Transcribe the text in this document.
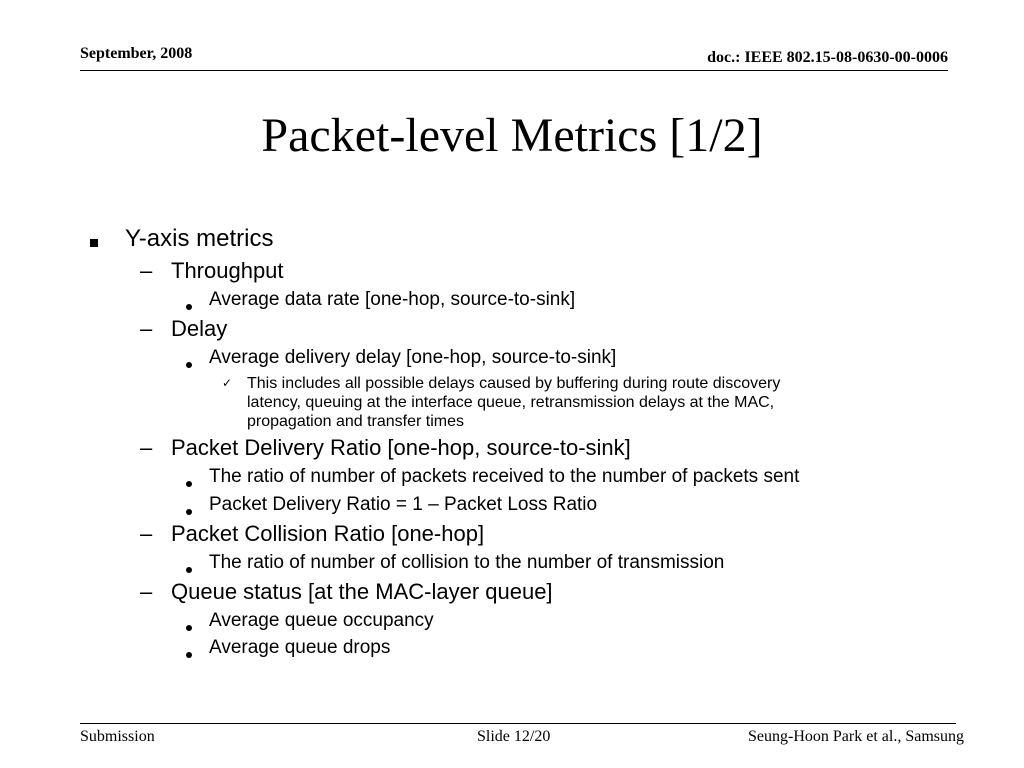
September, 2008	doc.: IEEE 802.15-08-0630-00-0006
Packet-level Metrics [1/2]
Y-axis metrics
– Throughput
Average data rate [one-hop, source-to-sink]
– Delay
Average delivery delay [one-hop, source-to-sink]
✓ This includes all possible delays caused by buffering during route discovery
latency, queuing at the interface queue, retransmission delays at the MAC,
propagation and transfer times
– Packet Delivery Ratio [one-hop, source-to-sink]
The ratio of number of packets received to the number of packets sent
Packet Delivery Ratio = 1 – Packet Loss Ratio
– Packet Collision Ratio [one-hop]
The ratio of number of collision to the number of transmission
– Queue status [at the MAC-layer queue]
Average queue occupancy
Average queue drops
Submission	Slide 12/20	Seung-Hoon Park et al., Samsung
